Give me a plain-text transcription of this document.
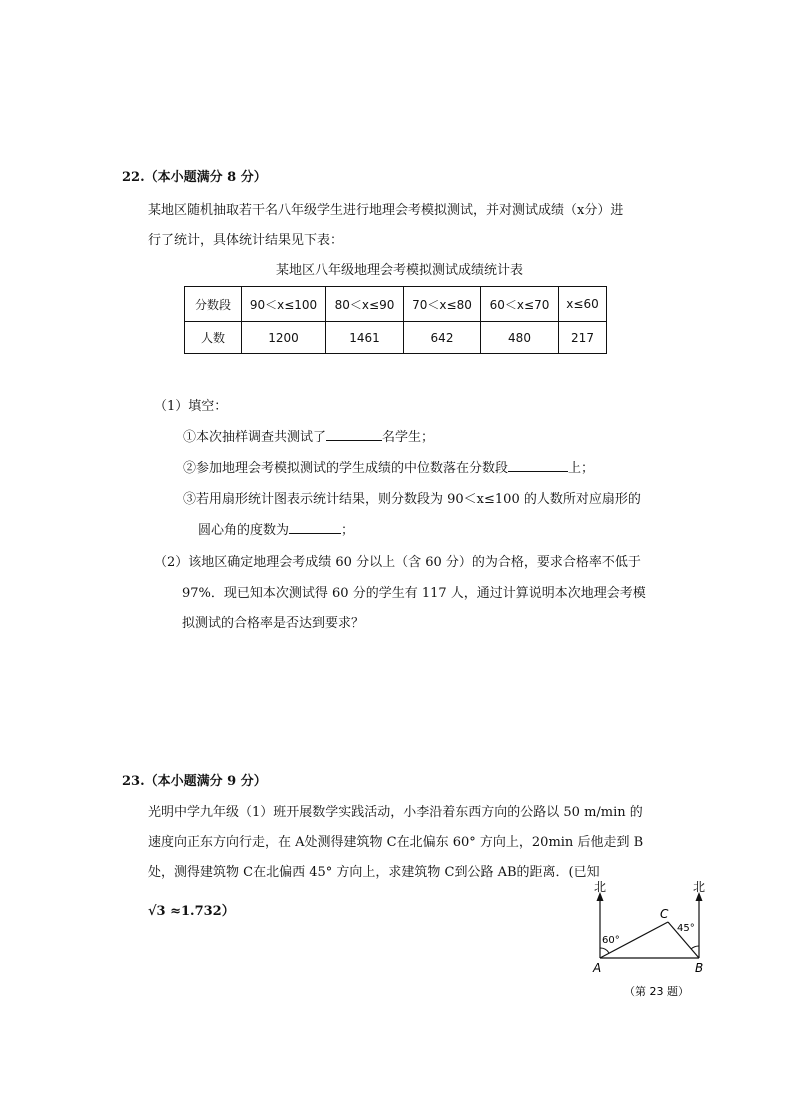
22.（本小题满分 8 分）
某地区随机抽取若干名八年级学生进行地理会考模拟测试，并对测试成绩（x分）进
行了统计，具体统计结果见下表：
某地区八年级地理会考模拟测试成绩统计表
分数段	90＜x≤100	80＜x≤90	70＜x≤80	60＜x≤70	x≤60
人数	1200	1461	642	480	217
（1）填空：
①本次抽样调查共测试了	名学生；
②参加地理会考模拟测试的学生成绩的中位数落在分数段	上；
③若用扇形统计图表示统计结果，则分数段为 90＜x≤100 的人数所对应扇形的
圆心角的度数为	；
（2）该地区确定地理会考成绩 60 分以上（含 60 分）的为合格，要求合格率不低于
97%．现已知本次测试得 60 分的学生有 117 人，通过计算说明本次地理会考模
拟测试的合格率是否达到要求？
23.（本小题满分 9 分）
光明中学九年级（1）班开展数学实践活动，小李沿着东西方向的公路以 50 m/min 的
速度向正东方向行走，在 A处测得建筑物 C在北偏东 60° 方向上，20min 后他走到 B
处，测得建筑物 C在北偏西 45° 方向上，求建筑物 C到公路 AB的距离．(已知
√3 ≈1.732）
北	北
C
60°
45°
A	B
（第 23 题）
